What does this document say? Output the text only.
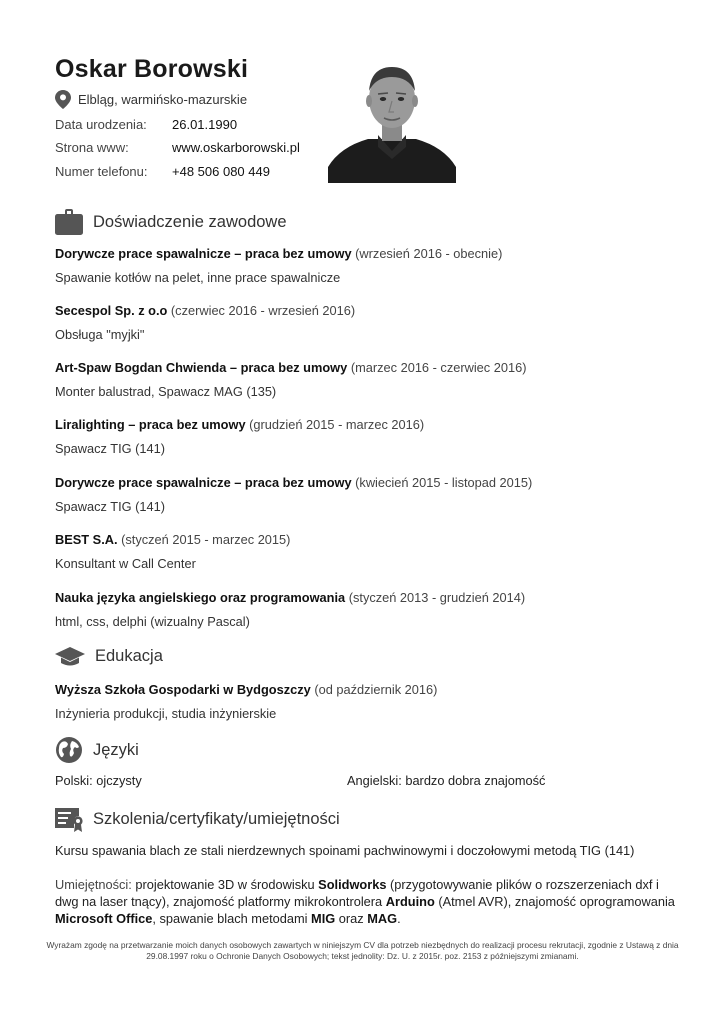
Oskar Borowski
Elbląg, warmińsko-mazurskie
Data urodzenia:	26.01.1990
Strona www:	www.oskarborowski.pl
Numer telefonu:	+48 506 080 449
Doświadczenie zawodowe
Dorywcze prace spawalnicze – praca bez umowy (wrzesień 2016 - obecnie)
Spawanie kotłów na pelet, inne prace spawalnicze
Secespol Sp. z o.o (czerwiec 2016 - wrzesień 2016)
Obsługa "myjki"
Art-Spaw Bogdan Chwienda – praca bez umowy (marzec 2016 - czerwiec 2016)
Monter balustrad, Spawacz MAG (135)
Liralighting – praca bez umowy (grudzień 2015 - marzec 2016)
Spawacz TIG (141)
Dorywcze prace spawalnicze – praca bez umowy (kwiecień 2015 - listopad 2015)
Spawacz TIG (141)
BEST S.A. (styczeń 2015 - marzec 2015)
Konsultant w Call Center
Nauka języka angielskiego oraz programowania (styczeń 2013 - grudzień 2014)
html, css, delphi (wizualny Pascal)
Edukacja
Wyższa Szkoła Gospodarki w Bydgoszczy (od październik 2016)
Inżynieria produkcji, studia inżynierskie
Języki
Polski: ojczysty	Angielski: bardzo dobra znajomość
Szkolenia/certyfikaty/umiejętności
Kursu spawania blach ze stali nierdzewnych spoinami pachwinowymi i doczołowymi metodą TIG (141)
Umiejętności: projektowanie 3D w środowisku Solidworks (przygotowywanie plików o rozszerzeniach dxf i dwg na laser tnący), znajomość platformy mikrokontrolera Arduino (Atmel AVR), znajomość oprogramowania Microsoft Office, spawanie blach metodami MIG oraz MAG.
Wyrażam zgodę na przetwarzanie moich danych osobowych zawartych w niniejszym CV dla potrzeb niezbędnych do realizacji procesu rekrutacji, zgodnie z Ustawą z dnia 29.08.1997 roku o Ochronie Danych Osobowych; tekst jednolity: Dz. U. z 2015r. poz. 2153 z późniejszymi zmianami.
